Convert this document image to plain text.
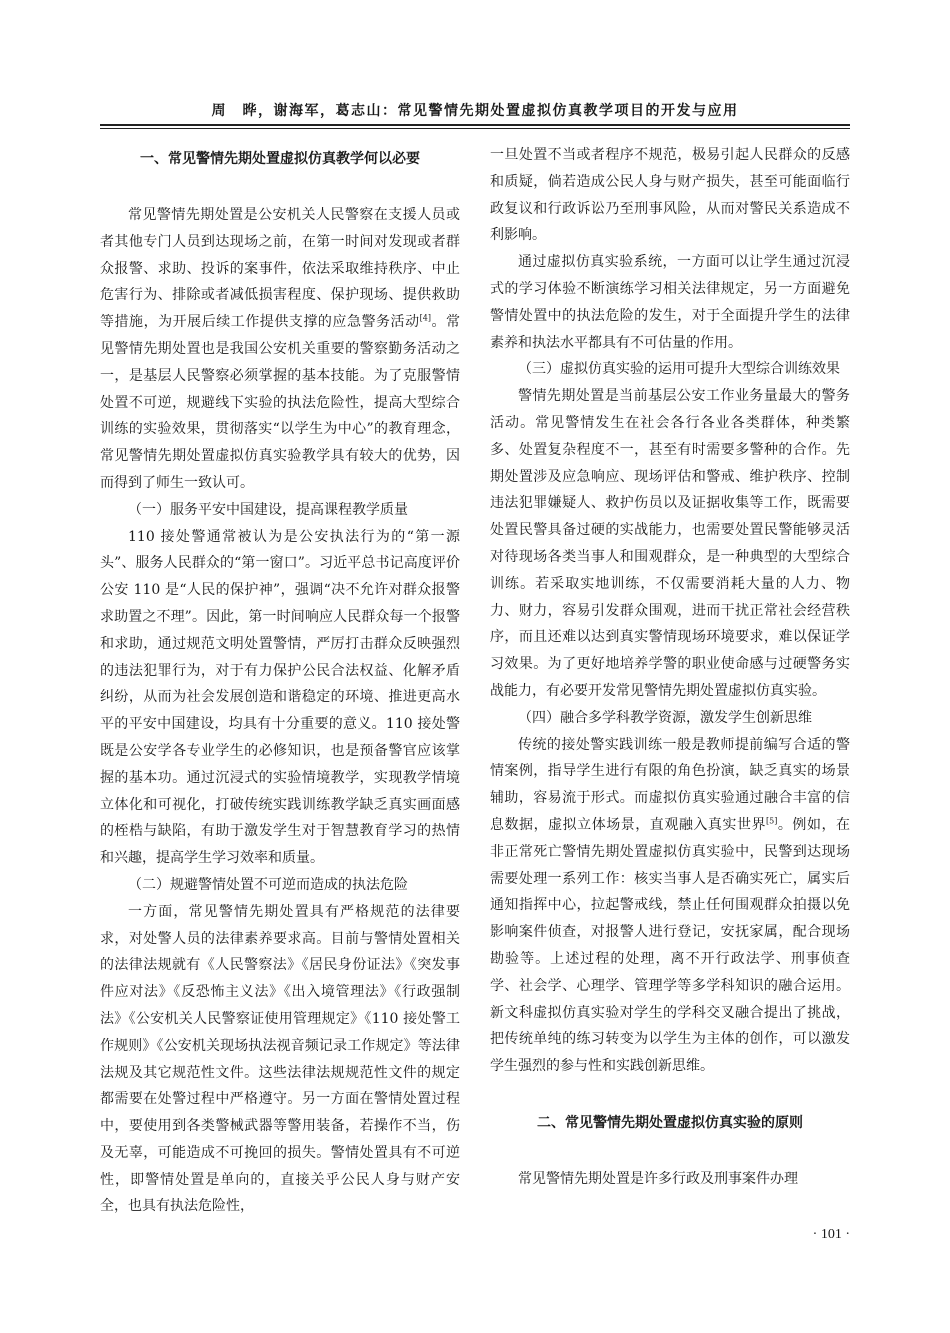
周　晔，谢海军，葛志山：常见警情先期处置虚拟仿真教学项目的开发与应用
一、常见警情先期处置虚拟仿真教学何以必要

常见警情先期处置是公安机关人民警察在支援人员或者其他专门人员到达现场之前，在第一时间对发现或者群众报警、求助、投诉的案事件，依法采取维持秩序、中止危害行为、排除或者减低损害程度、保护现场、提供救助等措施，为开展后续工作提供支撑的应急警务活动[4]。常见警情先期处置也是我国公安机关重要的警察勤务活动之一，是基层人民警察必须掌握的基本技能。为了克服警情处置不可逆，规避线下实验的执法危险性，提高大型综合训练的实验效果，贯彻落实“以学生为中心”的教育理念，常见警情先期处置虚拟仿真实验教学具有较大的优势，因而得到了师生一致认可。

（一）服务平安中国建设，提高课程教学质量

110 接处警通常被认为是公安执法行为的“第一源头”、服务人民群众的“第一窗口”。习近平总书记高度评价公安 110 是“人民的保护神”，强调“决不允许对群众报警求助置之不理”。因此，第一时间响应人民群众每一个报警和求助，通过规范文明处置警情，严厉打击群众反映强烈的违法犯罪行为，对于有力保护公民合法权益、化解矛盾纠纷，从而为社会发展创造和谐稳定的环境、推进更高水平的平安中国建设，均具有十分重要的意义。110 接处警既是公安学各专业学生的必修知识，也是预备警官应该掌握的基本功。通过沉浸式的实验情境教学，实现教学情境立体化和可视化，打破传统实践训练教学缺乏真实画面感的桎梏与缺陷，有助于激发学生对于智慧教育学习的热情和兴趣，提高学生学习效率和质量。

（二）规避警情处置不可逆而造成的执法危险

一方面，常见警情先期处置具有严格规范的法律要求，对处警人员的法律素养要求高。目前与警情处置相关的法律法规就有《人民警察法》《居民身份证法》《突发事件应对法》《反恐怖主义法》《出入境管理法》《行政强制法》《公安机关人民警察证使用管理规定》《110 接处警工作规则》《公安机关现场执法视音频记录工作规定》等法律法规及其它规范性文件。这些法律法规规范性文件的规定都需要在处警过程中严格遵守。另一方面在警情处置过程中，要使用到各类警械武器等警用装备，若操作不当，伤及无辜，可能造成不可挽回的损失。警情处置具有不可逆性，即警情处置是单向的，直接关乎公民人身与财产安全，也具有执法危险性，

一旦处置不当或者程序不规范，极易引起人民群众的反感和质疑，倘若造成公民人身与财产损失，甚至可能面临行政复议和行政诉讼乃至刑事风险，从而对警民关系造成不利影响。

通过虚拟仿真实验系统，一方面可以让学生通过沉浸式的学习体验不断演练学习相关法律规定，另一方面避免警情处置中的执法危险的发生，对于全面提升学生的法律素养和执法水平都具有不可估量的作用。

（三）虚拟仿真实验的运用可提升大型综合训练效果

警情先期处置是当前基层公安工作业务量最大的警务活动。常见警情发生在社会各行各业各类群体，种类繁多、处置复杂程度不一，甚至有时需要多警种的合作。先期处置涉及应急响应、现场评估和警戒、维护秩序、控制违法犯罪嫌疑人、救护伤员以及证据收集等工作，既需要处置民警具备过硬的实战能力，也需要处置民警能够灵活对待现场各类当事人和围观群众，是一种典型的大型综合训练。若采取实地训练，不仅需要消耗大量的人力、物力、财力，容易引发群众围观，进而干扰正常社会经营秩序，而且还难以达到真实警情现场环境要求，难以保证学习效果。为了更好地培养学警的职业使命感与过硬警务实战能力，有必要开发常见警情先期处置虚拟仿真实验。

（四）融合多学科教学资源，激发学生创新思维

传统的接处警实践训练一般是教师提前编写合适的警情案例，指导学生进行有限的角色扮演，缺乏真实的场景辅助，容易流于形式。而虚拟仿真实验通过融合丰富的信息数据，虚拟立体场景，直观融入真实世界[5]。例如，在非正常死亡警情先期处置虚拟仿真实验中，民警到达现场需要处理一系列工作：核实当事人是否确实死亡，属实后通知指挥中心，拉起警戒线，禁止任何围观群众拍摄以免影响案件侦查，对报警人进行登记，安抚家属，配合现场勘验等。上述过程的处理，离不开行政法学、刑事侦查学、社会学、心理学、管理学等多学科知识的融合运用。新文科虚拟仿真实验对学生的学科交叉融合提出了挑战，把传统单纯的练习转变为以学生为主体的创作，可以激发学生强烈的参与性和实践创新思维。

二、常见警情先期处置虚拟仿真实验的原则

常见警情先期处置是许多行政及刑事案件办理

· 101 ·
